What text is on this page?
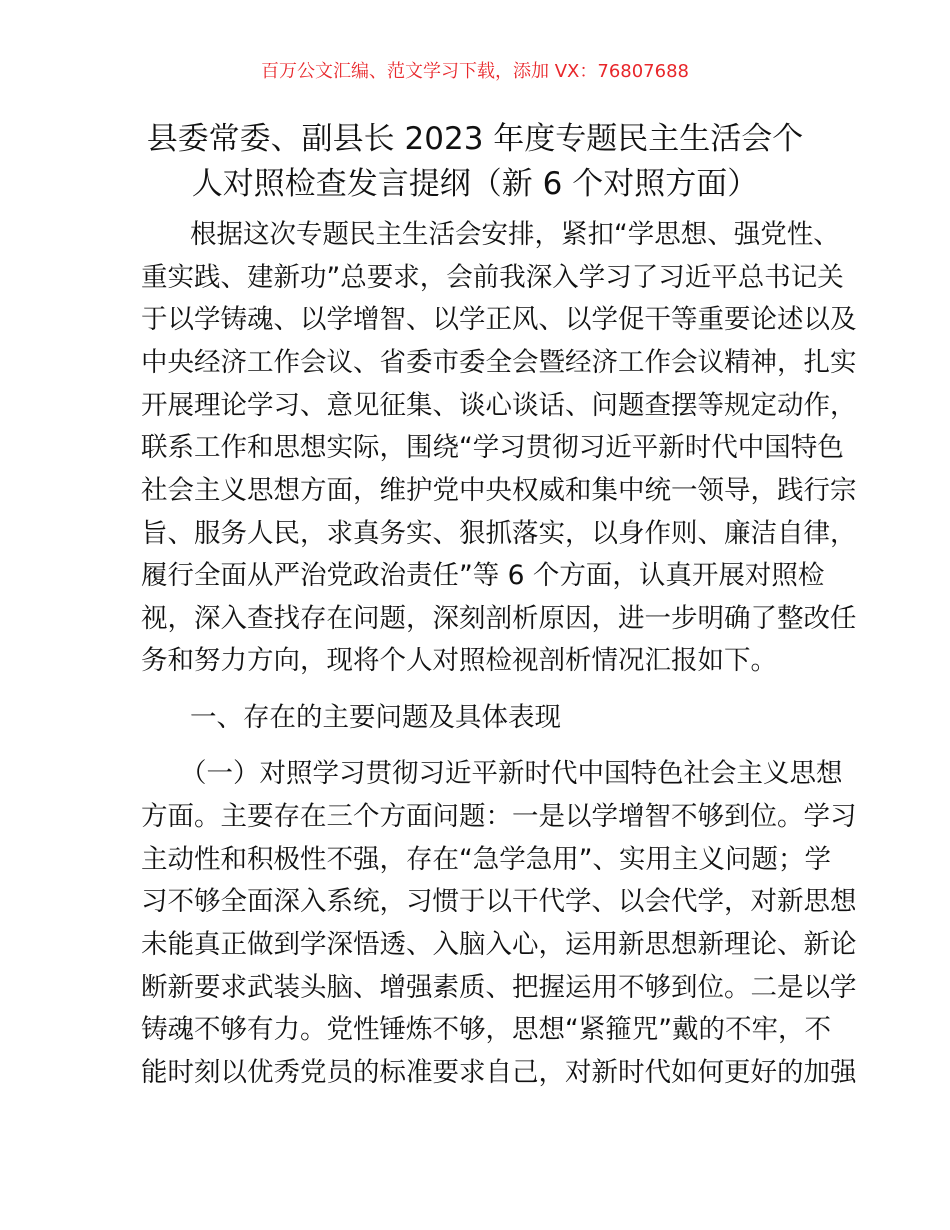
百万公文汇编、范文学习下载，添加 VX：76807688
县委常委、副县长 2023 年度专题民主生活会个
人对照检查发言提纲（新 6 个对照方面）
根据这次专题民主生活会安排，紧扣“学思想、强党性、
重实践、建新功”总要求，会前我深入学习了习近平总书记关
于以学铸魂、以学增智、以学正风、以学促干等重要论述以及
中央经济工作会议、省委市委全会暨经济工作会议精神，扎实
开展理论学习、意见征集、谈心谈话、问题查摆等规定动作，
联系工作和思想实际，围绕“学习贯彻习近平新时代中国特色
社会主义思想方面，维护党中央权威和集中统一领导，践行宗
旨、服务人民，求真务实、狠抓落实，以身作则、廉洁自律，
履行全面从严治党政治责任”等 6 个方面，认真开展对照检
视，深入查找存在问题，深刻剖析原因，进一步明确了整改任
务和努力方向，现将个人对照检视剖析情况汇报如下。
一、存在的主要问题及具体表现
（一）对照学习贯彻习近平新时代中国特色社会主义思想
方面。主要存在三个方面问题：一是以学增智不够到位。学习
主动性和积极性不强，存在“急学急用”、实用主义问题；学
习不够全面深入系统，习惯于以干代学、以会代学，对新思想
未能真正做到学深悟透、入脑入心，运用新思想新理论、新论
断新要求武装头脑、增强素质、把握运用不够到位。二是以学
铸魂不够有力。党性锤炼不够，思想“紧箍咒”戴的不牢，不
能时刻以优秀党员的标准要求自己，对新时代如何更好的加强
